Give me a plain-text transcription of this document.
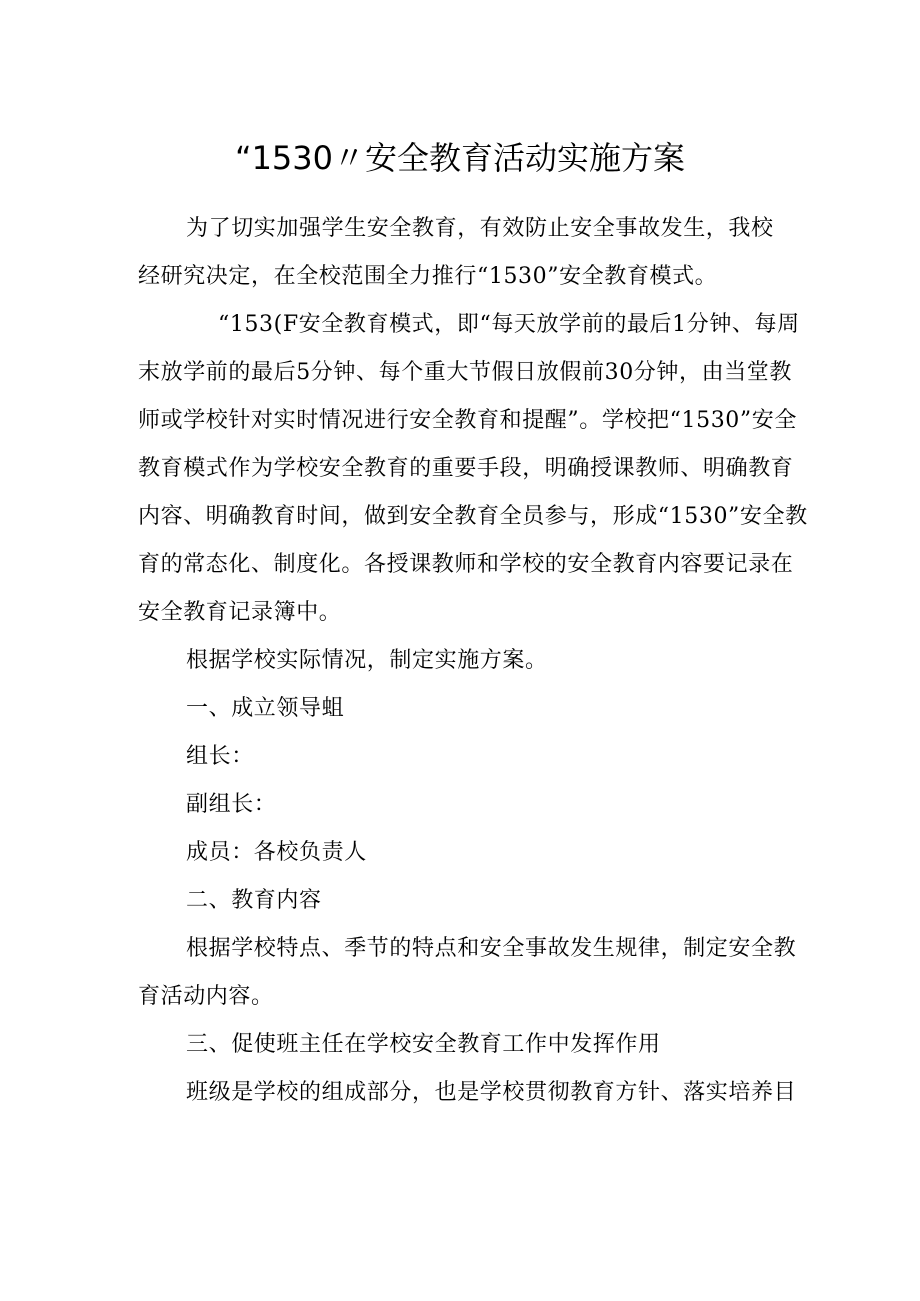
“1530〃安全教育活动实施方案
为了切实加强学生安全教育，有效防止安全事故发生，我校
经研究决定，在全校范围全力推行“1530”安全教育模式。
“153(F安全教育模式，即“每天放学前的最后1分钟、每周
末放学前的最后5分钟、每个重大节假日放假前30分钟，由当堂教
师或学校针对实时情况进行安全教育和提醒”。学校把“1530”安全
教育模式作为学校安全教育的重要手段，明确授课教师、明确教育
内容、明确教育时间，做到安全教育全员参与，形成“1530”安全教
育的常态化、制度化。各授课教师和学校的安全教育内容要记录在
安全教育记录簿中。
根据学校实际情况，制定实施方案。
一、成立领导蛆
组长：
副组长：
成员：各校负责人
二、教育内容
根据学校特点、季节的特点和安全事故发生规律，制定安全教
育活动内容。
三、促使班主任在学校安全教育工作中发挥作用
班级是学校的组成部分，也是学校贯彻教育方针、落实培养目
